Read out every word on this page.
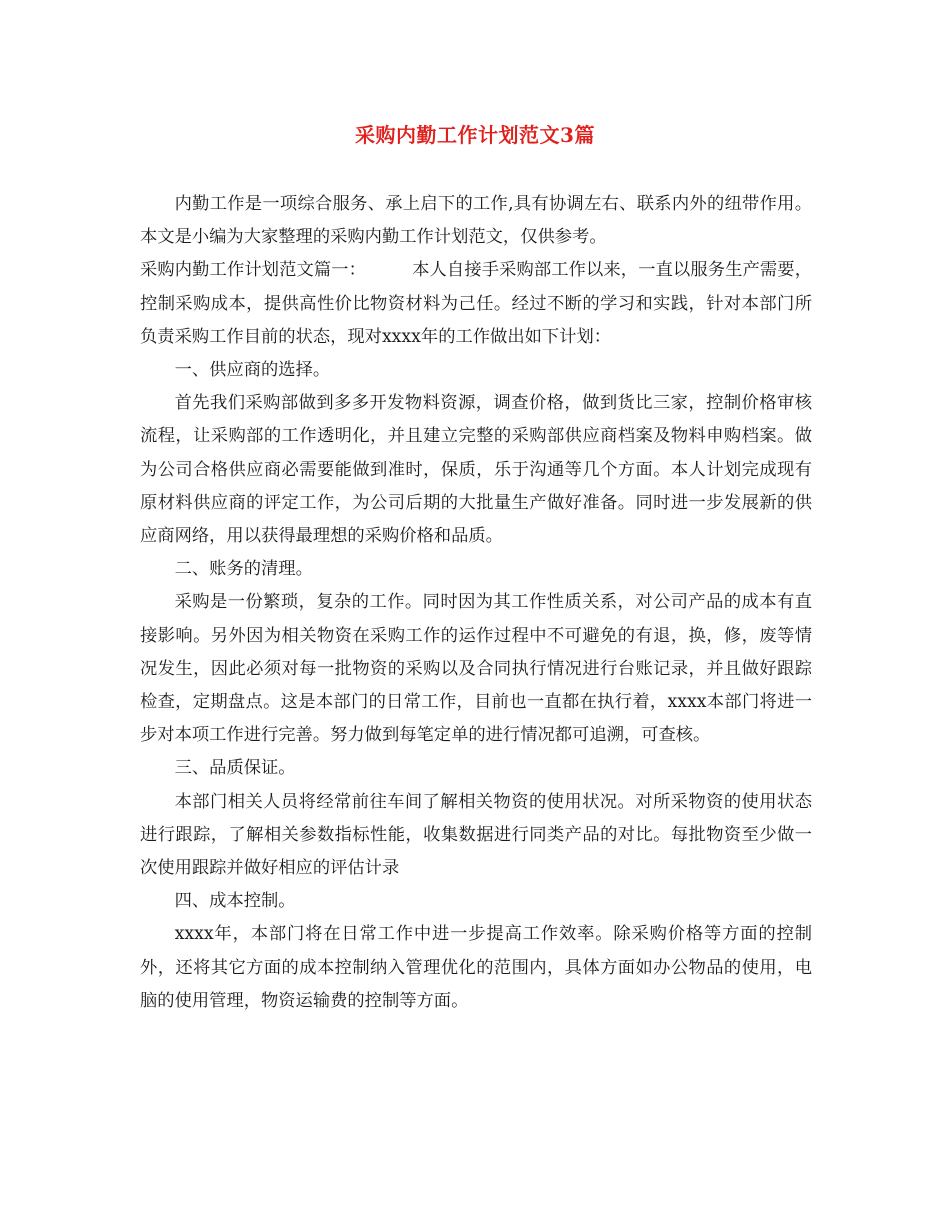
采购内勤工作计划范文3篇

内勤工作是一项综合服务、承上启下的工作,具有协调左右、联系内外的纽带作用。本文是小编为大家整理的采购内勤工作计划范文，仅供参考。

采购内勤工作计划范文篇一：	本人自接手采购部工作以来，一直以服务生产需要，控制采购成本，提供高性价比物资材料为己任。经过不断的学习和实践，针对本部门所负责采购工作目前的状态，现对xxxx年的工作做出如下计划：

一、供应商的选择。

首先我们采购部做到多多开发物料资源，调查价格，做到货比三家，控制价格审核流程，让采购部的工作透明化，并且建立完整的采购部供应商档案及物料申购档案。做为公司合格供应商必需要能做到准时，保质，乐于沟通等几个方面。本人计划完成现有原材料供应商的评定工作，为公司后期的大批量生产做好准备。同时进一步发展新的供应商网络，用以获得最理想的采购价格和品质。

二、账务的清理。

采购是一份繁琐，复杂的工作。同时因为其工作性质关系，对公司产品的成本有直接影响。另外因为相关物资在采购工作的运作过程中不可避免的有退，换，修，废等情况发生，因此必须对每一批物资的采购以及合同执行情况进行台账记录，并且做好跟踪检查，定期盘点。这是本部门的日常工作，目前也一直都在执行着，xxxx本部门将进一步对本项工作进行完善。努力做到每笔定单的进行情况都可追溯，可查核。

三、品质保证。

本部门相关人员将经常前往车间了解相关物资的使用状况。对所采物资的使用状态进行跟踪，了解相关参数指标性能，收集数据进行同类产品的对比。每批物资至少做一次使用跟踪并做好相应的评估计录

四、成本控制。

xxxx年，本部门将在日常工作中进一步提高工作效率。除采购价格等方面的控制外，还将其它方面的成本控制纳入管理优化的范围内，具体方面如办公物品的使用，电脑的使用管理，物资运输费的控制等方面。
